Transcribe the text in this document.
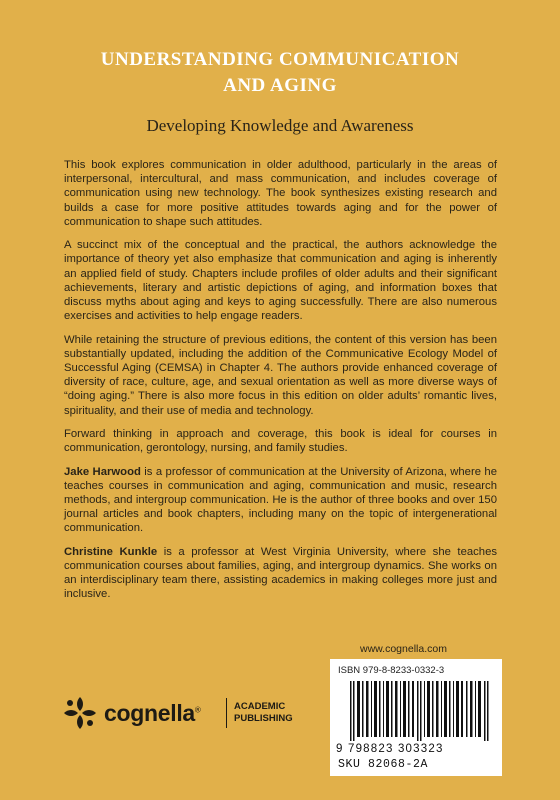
UNDERSTANDING COMMUNICATION
AND AGING
Developing Knowledge and Awareness

This book explores communication in older adulthood, particularly in the areas of interpersonal, intercultural, and mass communication, and includes coverage of communication using new technology. The book synthesizes existing research and builds a case for more positive attitudes towards aging and for the power of communication to shape such attitudes.

A succinct mix of the conceptual and the practical, the authors acknowledge the importance of theory yet also emphasize that communication and aging is inherently an applied field of study. Chapters include profiles of older adults and their significant achievements, literary and artistic depictions of aging, and information boxes that discuss myths about aging and keys to aging successfully. There are also numerous exercises and activities to help engage readers.

While retaining the structure of previous editions, the content of this version has been substantially updated, including the addition of the Communicative Ecology Model of Successful Aging (CEMSA) in Chapter 4. The authors provide enhanced coverage of diversity of race, culture, age, and sexual orientation as well as more diverse ways of “doing aging.” There is also more focus in this edition on older adults’ romantic lives, spirituality, and their use of media and technology.

Forward thinking in approach and coverage, this book is ideal for courses in communication, gerontology, nursing, and family studies.

Jake Harwood is a professor of communication at the University of Arizona, where he teaches courses in communication and aging, communication and music, research methods, and intergroup communication. He is the author of three books and over 150 journal articles and book chapters, including many on the topic of intergenerational communication.

Christine Kunkle is a professor at West Virginia University, where she teaches communication courses about families, aging, and intergroup dynamics. She works on an interdisciplinary team there, assisting academics in making colleges more just and inclusive.

www.cognella.com
ISBN 979-8-8233-0332-3
9 798823 303323
SKU 82068-2A
cognella®	ACADEMIC
PUBLISHING
